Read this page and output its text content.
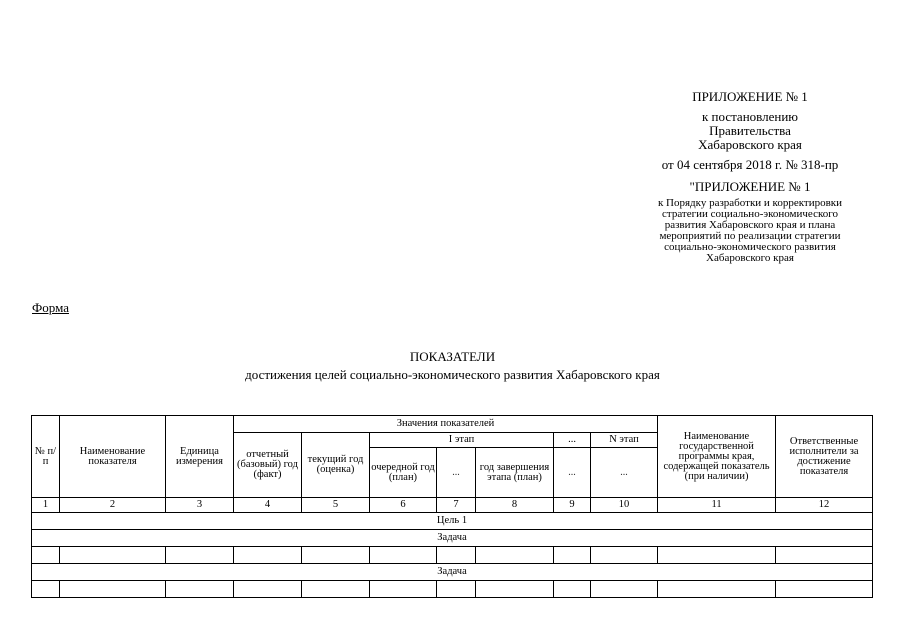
ПРИЛОЖЕНИЕ № 1
к постановлению
Правительства
Хабаровского края
от 04 сентября 2018 г. № 318-пр
"ПРИЛОЖЕНИЕ № 1
к Порядку разработки и корректировки
стратегии социально-экономического
развития Хабаровского края и плана
мероприятий по реализации стратегии
социально-экономического развития
Хабаровского края
Форма
ПОКАЗАТЕЛИ
достижения целей социально-экономического развития Хабаровского края
№ п/п	Наименование показателя	Единица измерения	Значения показателей							Наименование государственной программы края, содержащей показатель (при наличии)	Ответственные исполнители за достижение показателя
			отчетный (базовый) год (факт)	текущий год (оценка)	I этап			...	N этап		
					очередной год (план)	...	год завершения этапа (план)	...	...		
1	2	3	4	5	6	7	8	9	10	11	12
Цель 1											
Задача											

Задача											
